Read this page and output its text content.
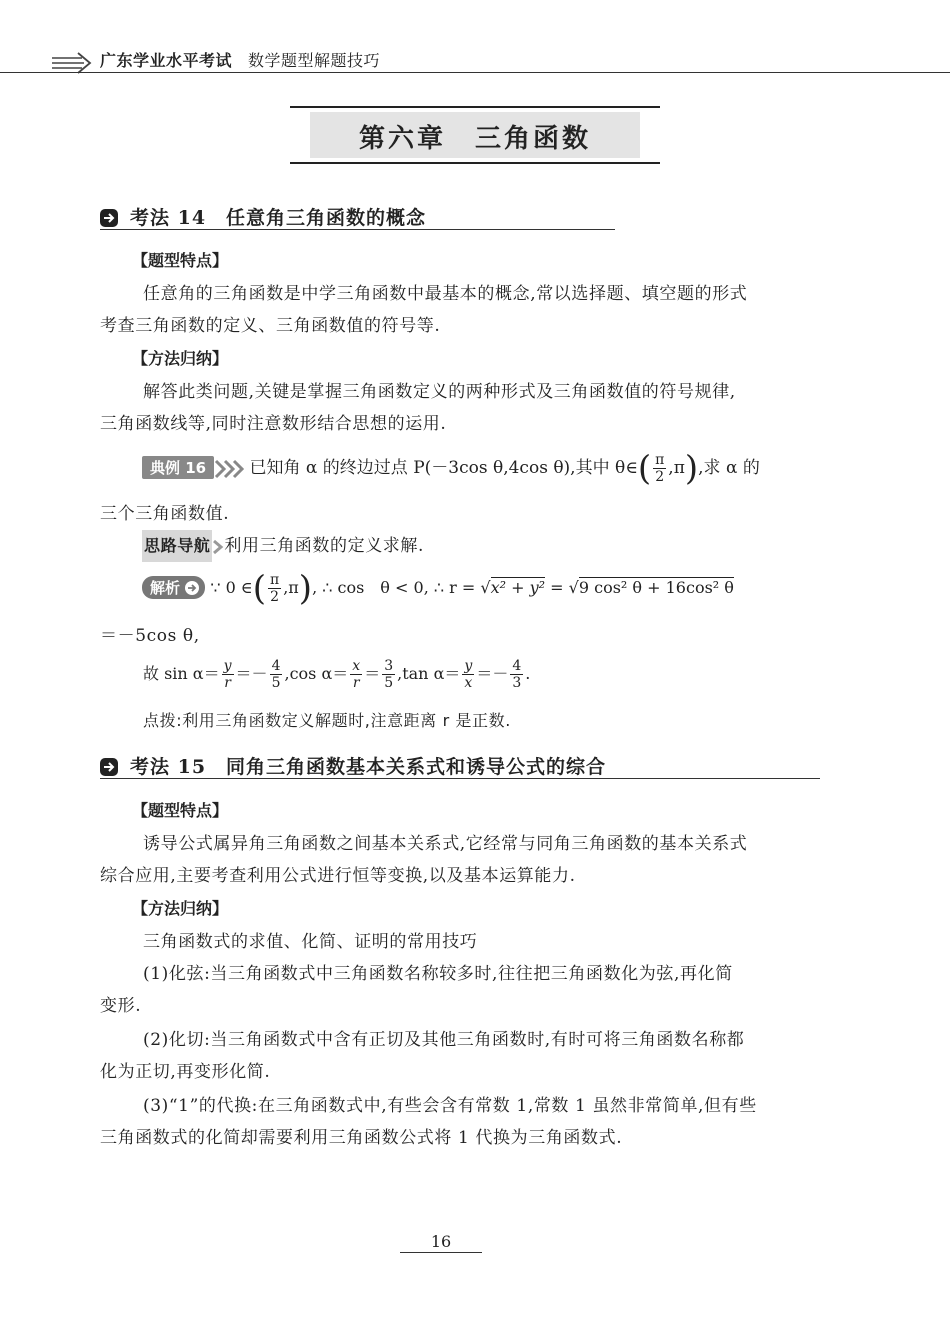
广东学业水平考试 数学题型解题技巧
第六章　三角函数
考法 14　任意角三角函数的概念
【题型特点】
任意角的三角函数是中学三角函数中最基本的概念,常以选择题、填空题的形式
考查三角函数的定义、三角函数值的符号等.
【方法归纳】
解答此类问题,关键是掌握三角函数定义的两种形式及三角函数值的符号规律,
三角函数线等,同时注意数形结合思想的运用.
典例 16	已知角 α 的终边过点 P(－3cos θ,4cos θ),其中 θ∈( $\frac{\pi}{2} ,\pi$),求 α 的
三个三角函数值.
思路导航 利用三角函数的定义求解.
解析 ∵ 0 ∈( $\frac{\pi}{2} ,\pi$), ∴ cos　θ < 0, ∴ r = √x² + y² = √9 cos² θ + 16cos² θ
＝－5cos θ,
故 $\sin \alpha= \frac{y}{r} =- \frac{4}{5} ,\cos$ $\alpha= \frac{x}{r} = \frac{3}{5} ,\tan$ $\alpha= \frac{y}{x} =- \frac{4}{3}$ .
点拨:利用三角函数定义解题时,注意距离 r 是正数.
考法 15　同角三角函数基本关系式和诱导公式的综合
【题型特点】
诱导公式属异角三角函数之间基本关系式,它经常与同角三角函数的基本关系式
综合应用,主要考查利用公式进行恒等变换,以及基本运算能力.
【方法归纳】
三角函数式的求值、化简、证明的常用技巧
(1)化弦:当三角函数式中三角函数名称较多时,往往把三角函数化为弦,再化简
变形.
(2)化切:当三角函数式中含有正切及其他三角函数时,有时可将三角函数名称都
化为正切,再变形化简.
(3)“1”的代换:在三角函数式中,有些会含有常数 1,常数 1 虽然非常简单,但有些
三角函数式的化简却需要利用三角函数公式将 1 代换为三角函数式.
16
